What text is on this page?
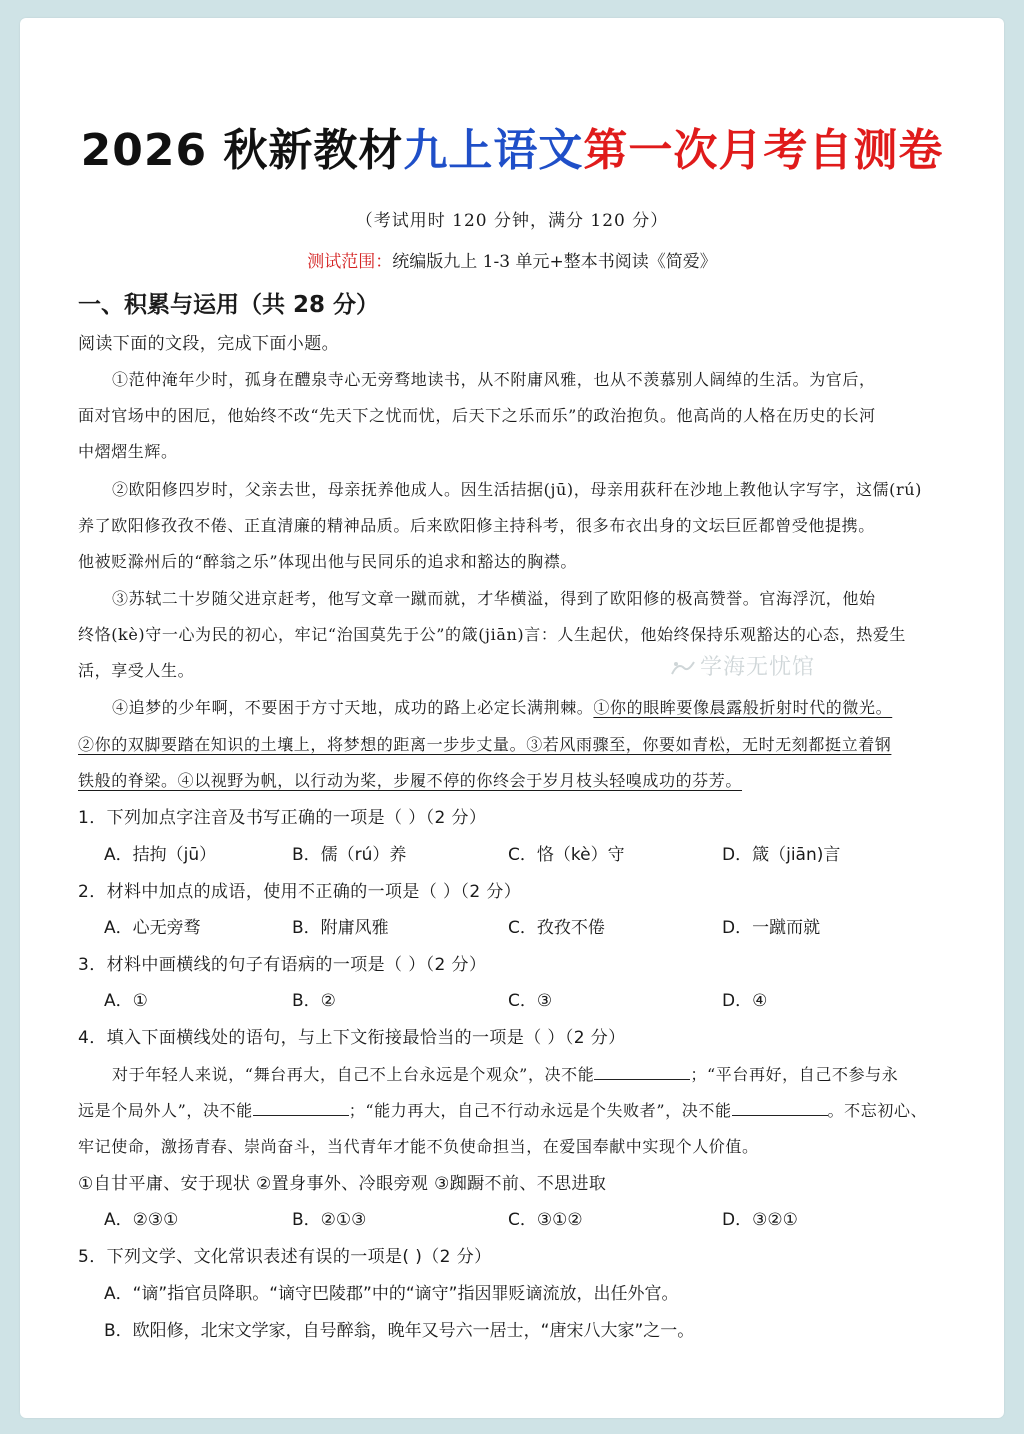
2026 秋新教材九上语文第一次月考自测卷
（考试用时 120 分钟，满分 120 分）
测试范围：统编版九上 1-3 单元+整本书阅读《简爱》
一、积累与运用（共 28 分）
阅读下面的文段，完成下面小题。
①范仲淹年少时，孤身在醴泉寺心无旁骛地读书，从不附庸风雅，也从不羡慕别人阔绰的生活。为官后，
面对官场中的困厄，他始终不改“先天下之忧而忧，后天下之乐而乐”的政治抱负。他高尚的人格在历史的长河
中熠熠生辉。
②欧阳修四岁时，父亲去世，母亲抚养他成人。因生活拮据(jū)，母亲用荻秆在沙地上教他认字写字，这儒(rú)
养了欧阳修孜孜不倦、正直清廉的精神品质。后来欧阳修主持科考，很多布衣出身的文坛巨匠都曾受他提携。
他被贬滁州后的“醉翁之乐”体现出他与民同乐的追求和豁达的胸襟。
③苏轼二十岁随父进京赶考，他写文章一蹴而就，才华横溢，得到了欧阳修的极高赞誉。官海浮沉，他始
终恪(kè)守一心为民的初心，牢记“治国莫先于公”的箴(jiān)言：人生起伏，他始终保持乐观豁达的心态，热爱生
活，享受人生。	学海无忧馆
④追梦的少年啊，不要困于方寸天地，成功的路上必定长满荆棘。①你的眼眸要像晨露般折射时代的微光。
②你的双脚要踏在知识的土壤上，将梦想的距离一步步丈量。③若风雨骤至，你要如青松，无时无刻都挺立着钢
铁般的脊梁。④以视野为帆，以行动为桨，步履不停的你终会于岁月枝头轻嗅成功的芬芳。
1．下列加点字注音及书写正确的一项是（ ）（2 分）
A．拮拘（jū）	B．儒（rú）养	C．恪（kè）守	D．箴（jiān)言
2．材料中加点的成语，使用不正确的一项是（ ）（2 分）
A．心无旁骛	B．附庸风雅	C．孜孜不倦	D．一蹴而就
3．材料中画横线的句子有语病的一项是（ ）（2 分）
A．①	B．②	C．③	D．④
4．填入下面横线处的语句，与上下文衔接最恰当的一项是（ ）（2 分）
对于年轻人来说，“舞台再大，自己不上台永远是个观众”，决不能	；“平台再好，自己不参与永
远是个局外人”，决不能	；“能力再大，自己不行动永远是个失败者”，决不能	。不忘初心、
牢记使命，激扬青春、崇尚奋斗，当代青年才能不负使命担当，在爱国奉献中实现个人价值。
①自甘平庸、安于现状 ②置身事外、冷眼旁观 ③踟蹰不前、不思进取
A．②③①	B．②①③	C．③①②	D．③②①
5．下列文学、文化常识表述有误的一项是( )（2 分）
A．“谪”指官员降职。“谪守巴陵郡”中的“谪守”指因罪贬谪流放，出任外官。
B．欧阳修，北宋文学家，自号醉翁，晚年又号六一居士，“唐宋八大家”之一。
